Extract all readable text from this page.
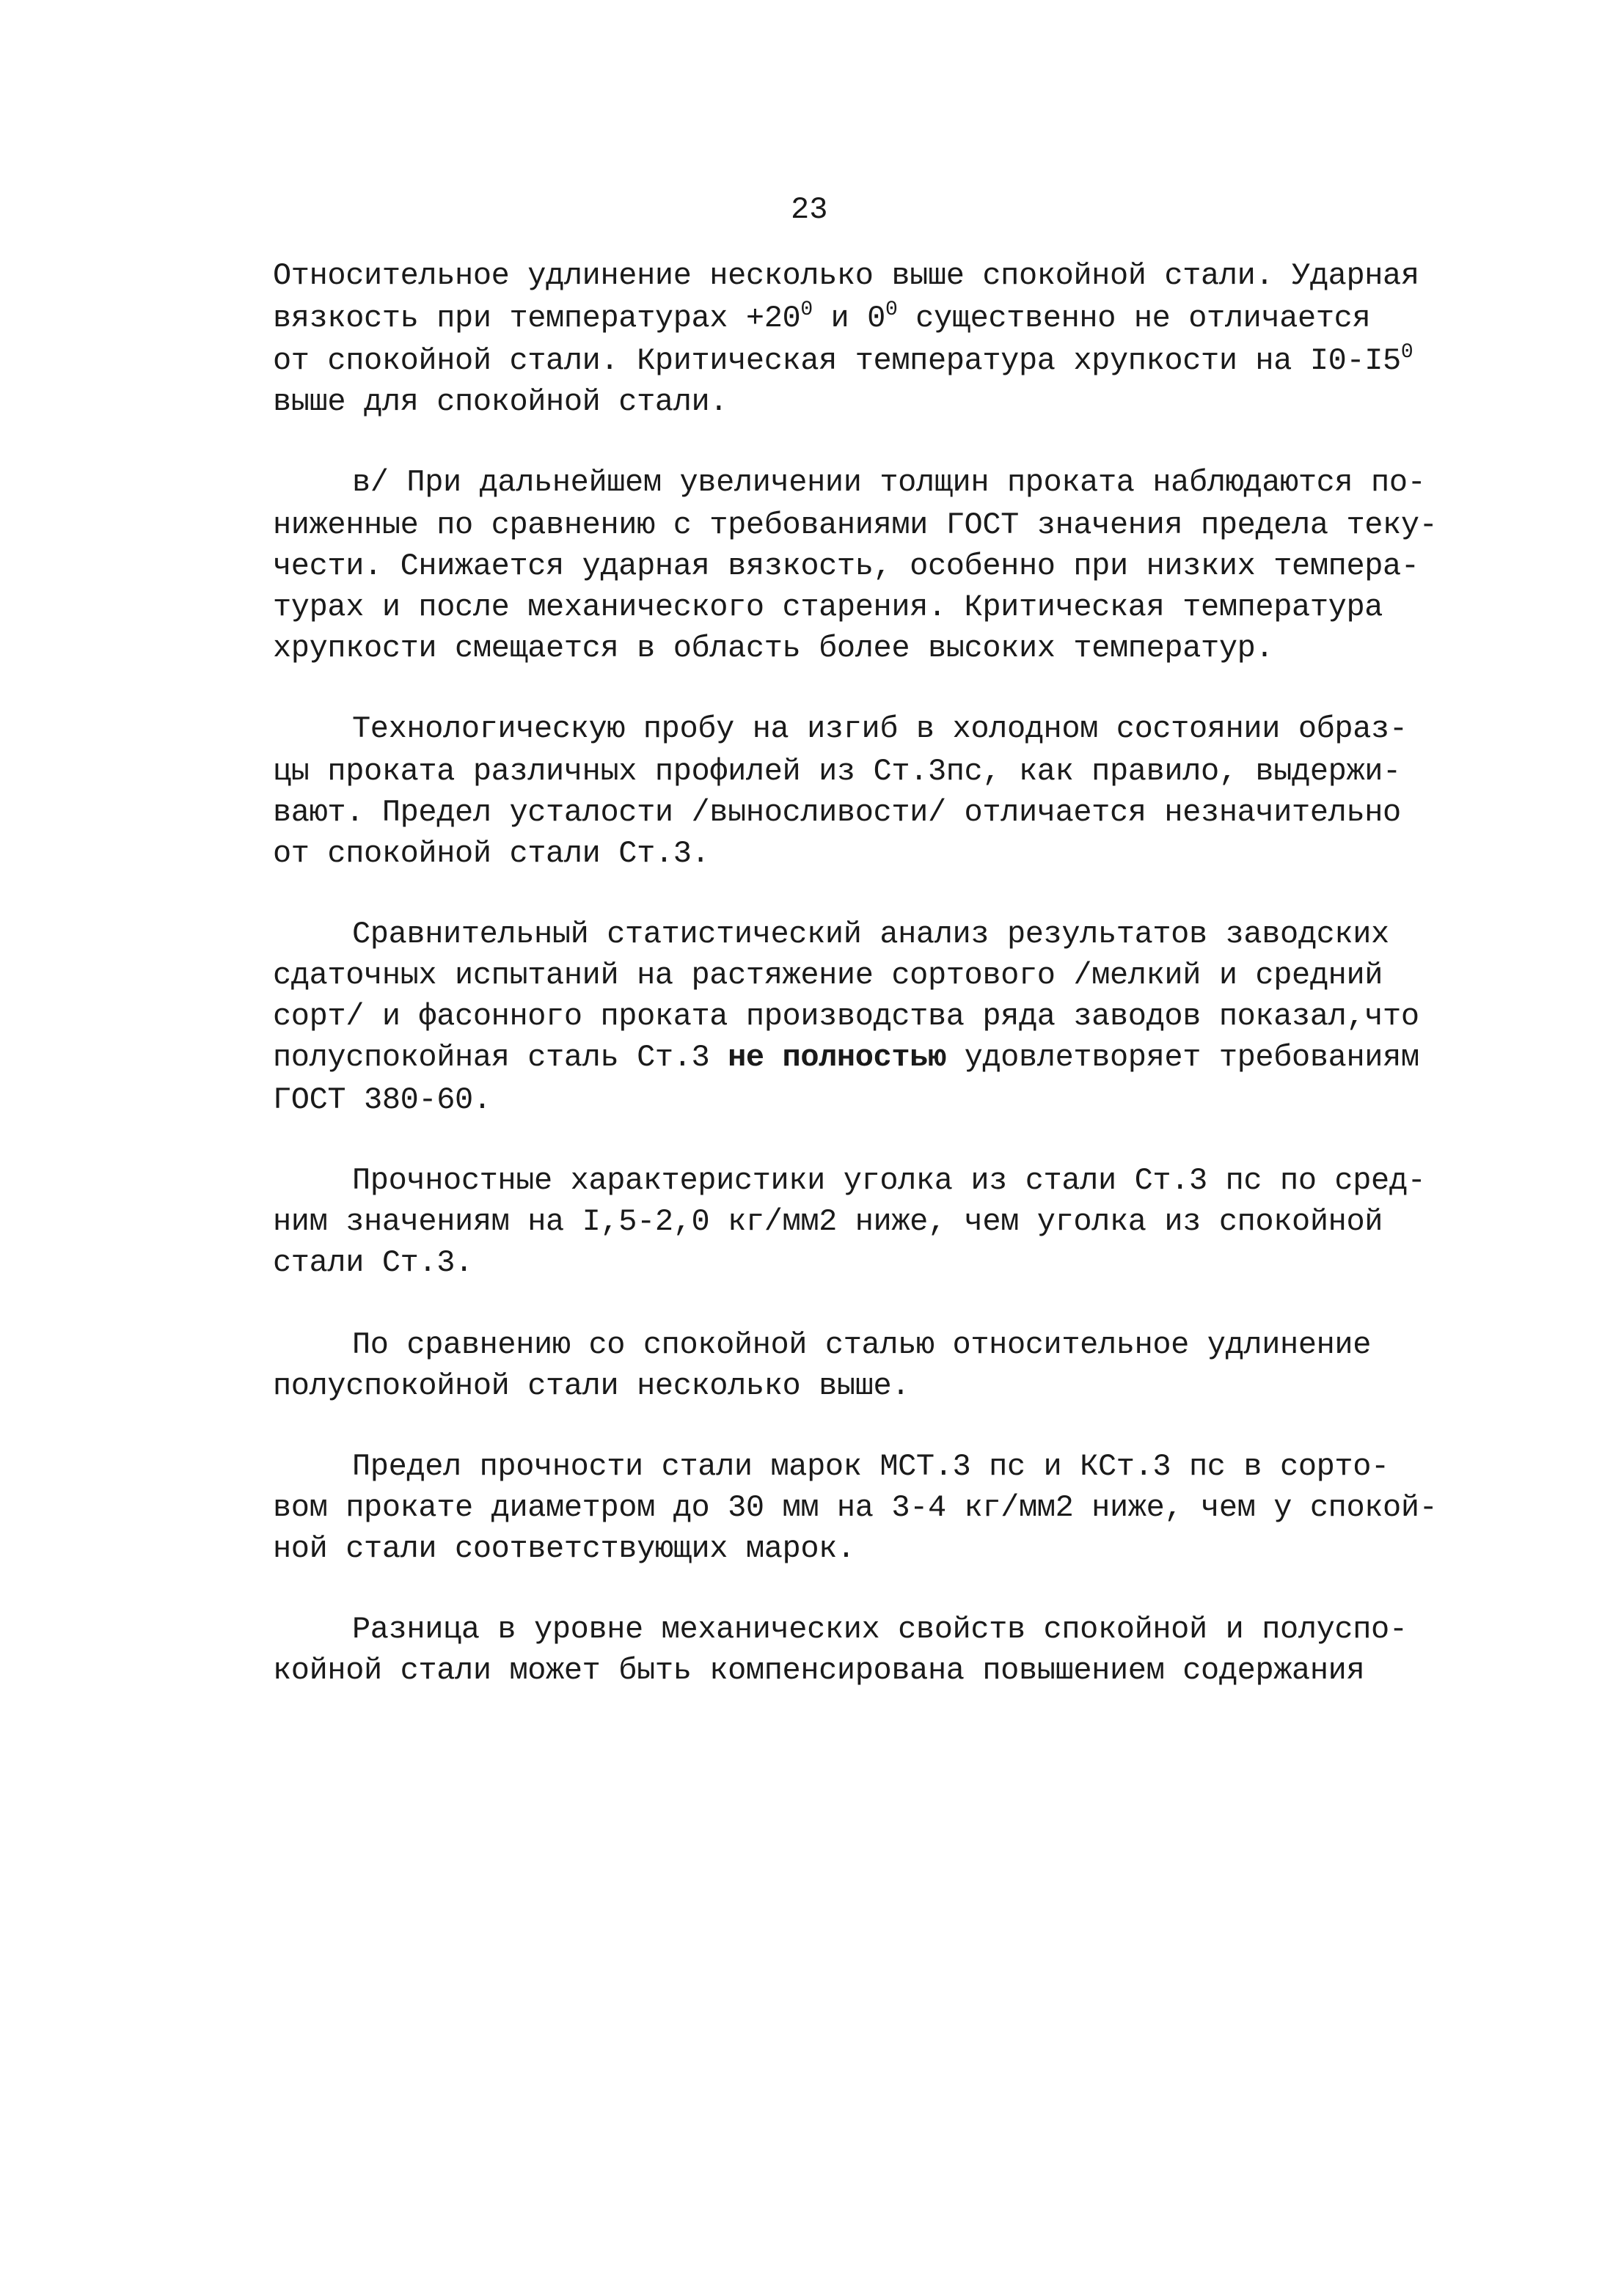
23
Относительное удлинение несколько выше спокойной стали. Ударная
вязкость при температурах $+20^0$ и $0^0$ существенно не отличается
от спокойной стали. Критическая температура хрупкости на $I0-I5^0$
выше для спокойной стали.
в/ При дальнейшем увеличении толщин проката наблюдаются по-
ниженные по сравнению с требованиями ГОСТ значения предела теку-
чести. Снижается ударная вязкость, особенно при низких темпера-
турах и после механического старения. Критическая температура
хрупкости смещается в область более высоких температур.
Технологическую пробу на изгиб в холодном состоянии образ-
цы проката различных профилей из Ст.3пс, как правило, выдержи-
вают. Предел усталости /выносливости/ отличается незначительно
от спокойной стали Ст.3.
Сравнительный статистический анализ результатов заводских
сдаточных испытаний на растяжение сортового /мелкий и средний
сорт/ и фасонного проката производства ряда заводов показал,что
полуспокойная сталь Ст.3 не полностью удовлетворяет требованиям
ГОСТ 380-60.
Прочностные характеристики уголка из стали Ст.3 пс по сред-
ним значениям на I,5-2,0 кг/мм2 ниже, чем уголка из спокойной
стали Ст.3.
По сравнению со спокойной сталью относительное удлинение
полуспокойной стали несколько выше.
Предел прочности стали марок МСТ.3 пс и КСт.3 пс в сорто-
вом прокате диаметром до 30 мм на 3-4 кг/мм2 ниже, чем у спокой-
ной стали соответствующих марок.
Разница в уровне механических свойств спокойной и полуспо-
койной стали может быть компенсирована повышением содержания
